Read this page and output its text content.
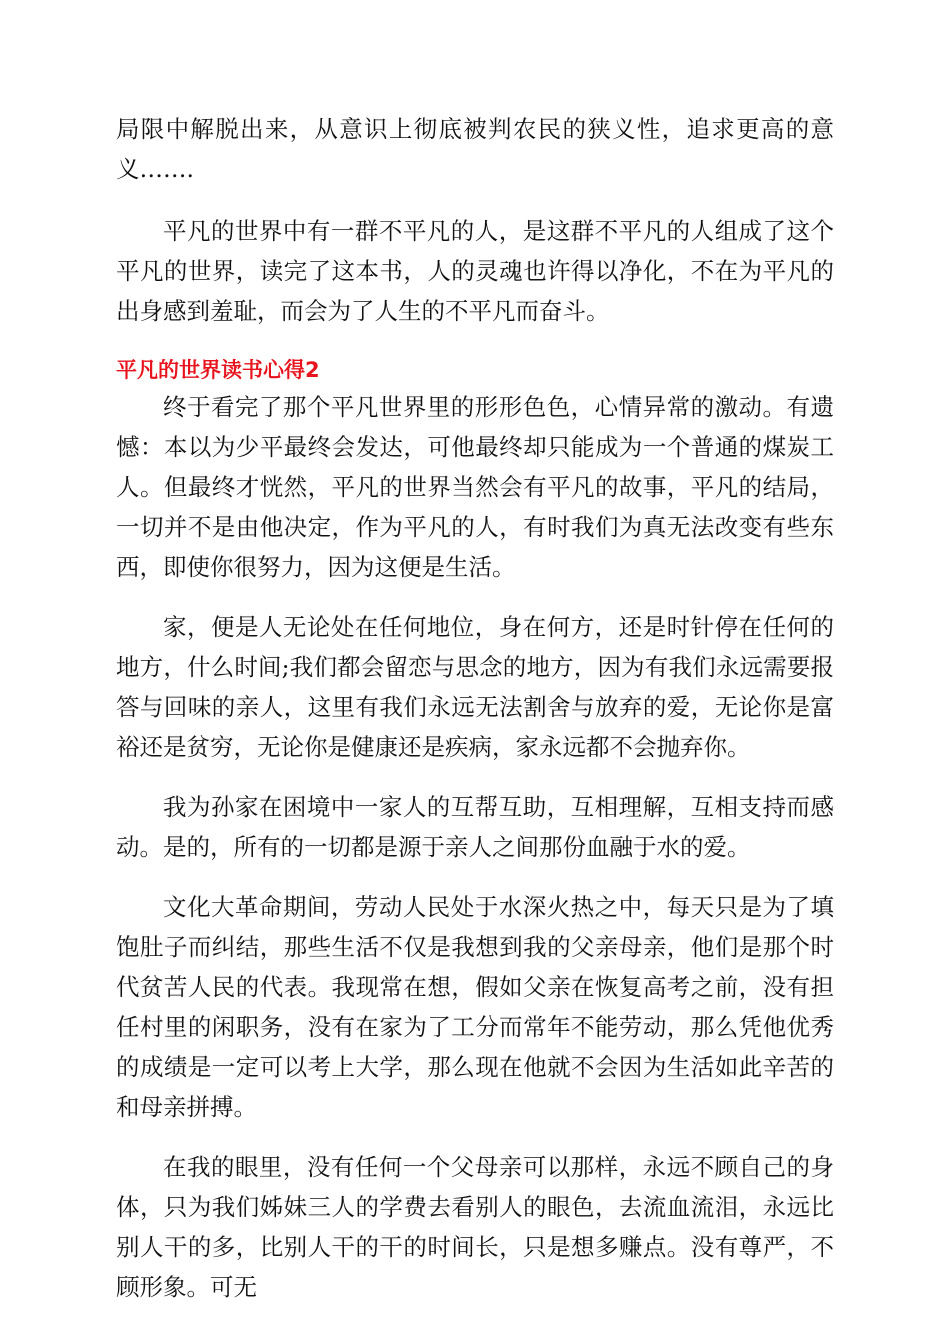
局限中解脱出来，从意识上彻底被判农民的狭义性，追求更高的意义…….

平凡的世界中有一群不平凡的人，是这群不平凡的人组成了这个平凡的世界，读完了这本书，人的灵魂也许得以净化，不在为平凡的出身感到羞耻，而会为了人生的不平凡而奋斗。

平凡的世界读书心得2

终于看完了那个平凡世界里的形形色色，心情异常的激动。有遗憾：本以为少平最终会发达，可他最终却只能成为一个普通的煤炭工人。但最终才恍然，平凡的世界当然会有平凡的故事，平凡的结局，一切并不是由他决定，作为平凡的人，有时我们为真无法改变有些东西，即使你很努力，因为这便是生活。

家，便是人无论处在任何地位，身在何方，还是时针停在任何的地方，什么时间;我们都会留恋与思念的地方，因为有我们永远需要报答与回味的亲人，这里有我们永远无法割舍与放弃的爱，无论你是富裕还是贫穷，无论你是健康还是疾病，家永远都不会抛弃你。

我为孙家在困境中一家人的互帮互助，互相理解，互相支持而感动。是的，所有的一切都是源于亲人之间那份血融于水的爱。

文化大革命期间，劳动人民处于水深火热之中，每天只是为了填饱肚子而纠结，那些生活不仅是我想到我的父亲母亲，他们是那个时代贫苦人民的代表。我现常在想，假如父亲在恢复高考之前，没有担任村里的闲职务，没有在家为了工分而常年不能劳动，那么凭他优秀的成绩是一定可以考上大学，那么现在他就不会因为生活如此辛苦的和母亲拼搏。

在我的眼里，没有任何一个父母亲可以那样，永远不顾自己的身体，只为我们姊妹三人的学费去看别人的眼色，去流血流泪，永远比别人干的多，比别人干的干的时间长，只是想多赚点。没有尊严，不顾形象。可无
